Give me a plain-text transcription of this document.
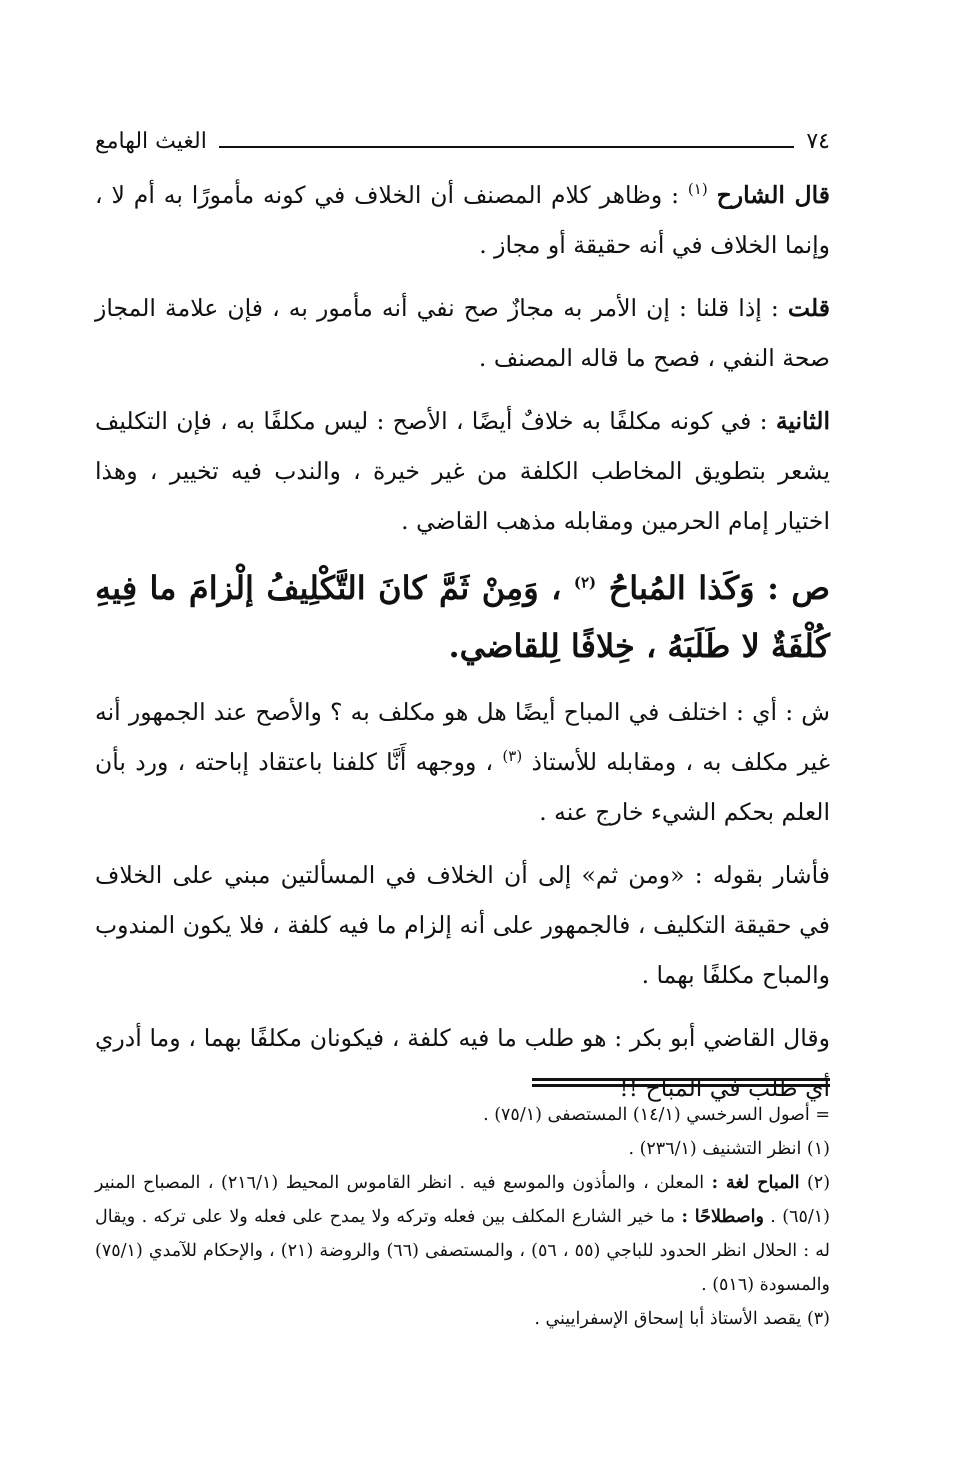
٧٤
الغيث الهامع

قال الشارح $^{(١)}$ : وظاهر كلام المصنف أن الخلاف في كونه مأمورًا به أم لا ، وإنما الخلاف في أنه حقيقة أو مجاز .

قلت : إذا قلنا : إن الأمر به مجازٌ صح نفي أنه مأمور به ، فإن علامة المجاز صحة النفي ، فصح ما قاله المصنف .

الثانية : في كونه مكلفًا به خلافٌ أيضًا ، الأصح : ليس مكلفًا به ، فإن التكليف يشعر بتطويق المخاطب الكلفة من غير خيرة ، والندب فيه تخيير ، وهذا اختيار إمام الحرمين ومقابله مذهب القاضي .

ص : وَكَذا المُباحُ $^{(٢)}$ ، وَمِنْ ثَمَّ كانَ التَّكْلِيفُ إلْزامَ ما فِيهِ كُلْفَةٌ لا طَلَبَهُ ، خِلافًا لِلقاضي.

ش : أي : اختلف في المباح أيضًا هل هو مكلف به ؟ والأصح عند الجمهور أنه غير مكلف به ، ومقابله للأستاذ $^{(٣)}$ ، ووجهه أَنَّا كلفنا باعتقاد إباحته ، ورد بأن العلم بحكم الشيء خارج عنه .

فأشار بقوله : «ومن ثم» إلى أن الخلاف في المسألتين مبني على الخلاف في حقيقة التكليف ، فالجمهور على أنه إلزام ما فيه كلفة ، فلا يكون المندوب والمباح مكلفًا بهما .

وقال القاضي أبو بكر : هو طلب ما فيه كلفة ، فيكونان مكلفًا بهما ، وما أدري أي طلب في المباح !!

= أصول السرخسي (١٤/١) المستصفى (٧٥/١) .

(١) انظر التشنيف (٢٣٦/١) .

(٢) المباح لغة : المعلن ، والمأذون والموسع فيه . انظر القاموس المحيط (٢١٦/١) ، المصباح المنير (٦٥/١) . واصطلاحًا : ما خير الشارع المكلف بين فعله وتركه ولا يمدح على فعله ولا على تركه . ويقال له : الحلال انظر الحدود للباجي (٥٥ ، ٥٦) ، والمستصفى (٦٦) والروضة (٢١) ، والإحكام للآمدي (٧٥/١) والمسودة (٥١٦) .

(٣) يقصد الأستاذ أبا إسحاق الإسفراييني .
